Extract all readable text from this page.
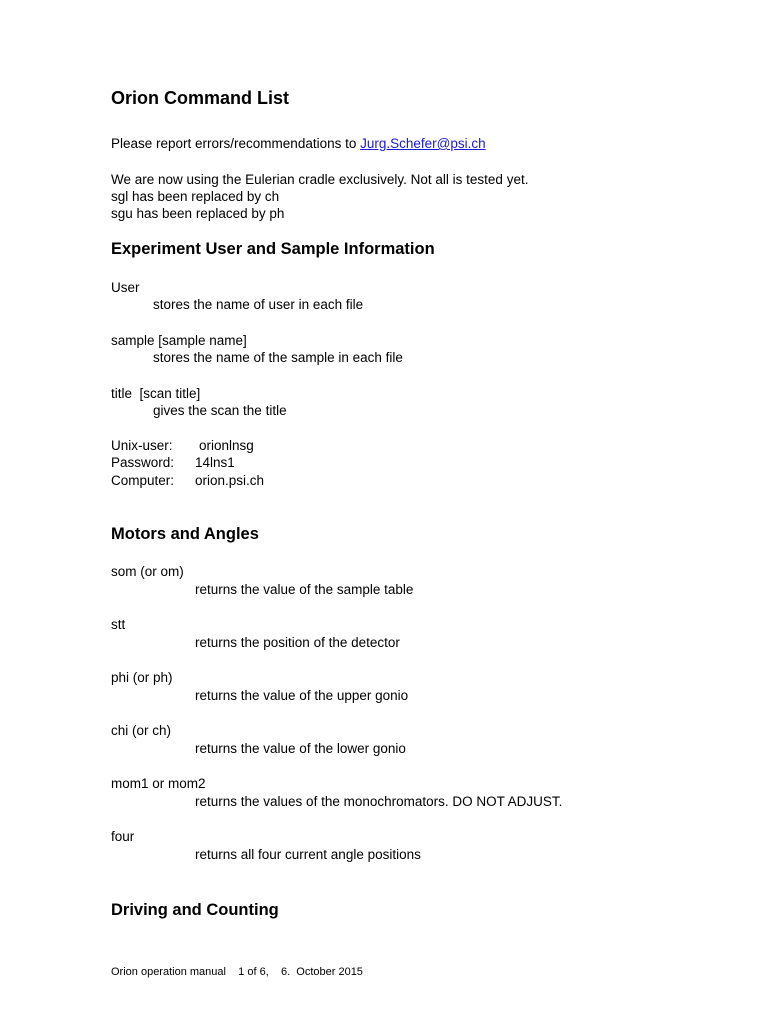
Orion Command List
Please report errors/recommendations to Jurg.Schefer@psi.ch
We are now using the Eulerian cradle exclusively. Not all is tested yet.
sgl has been replaced by ch
sgu has been replaced by ph
Experiment User and Sample Information
User
stores the name of user in each file
sample [sample name]
stores the name of the sample in each file
title  [scan title]
gives the scan the title
Unix-user: orionlnsg
Password: 14lns1
Computer: orion.psi.ch
Motors and Angles
som (or om)
returns the value of the sample table
stt
returns the position of the detector
phi (or ph)
returns the value of the upper gonio
chi (or ch)
returns the value of the lower gonio
mom1 or mom2
returns the values of the monochromators. DO NOT ADJUST.
four
returns all four current angle positions
Driving and Counting
Orion operation manual    1 of 6,    6.  October 2015
